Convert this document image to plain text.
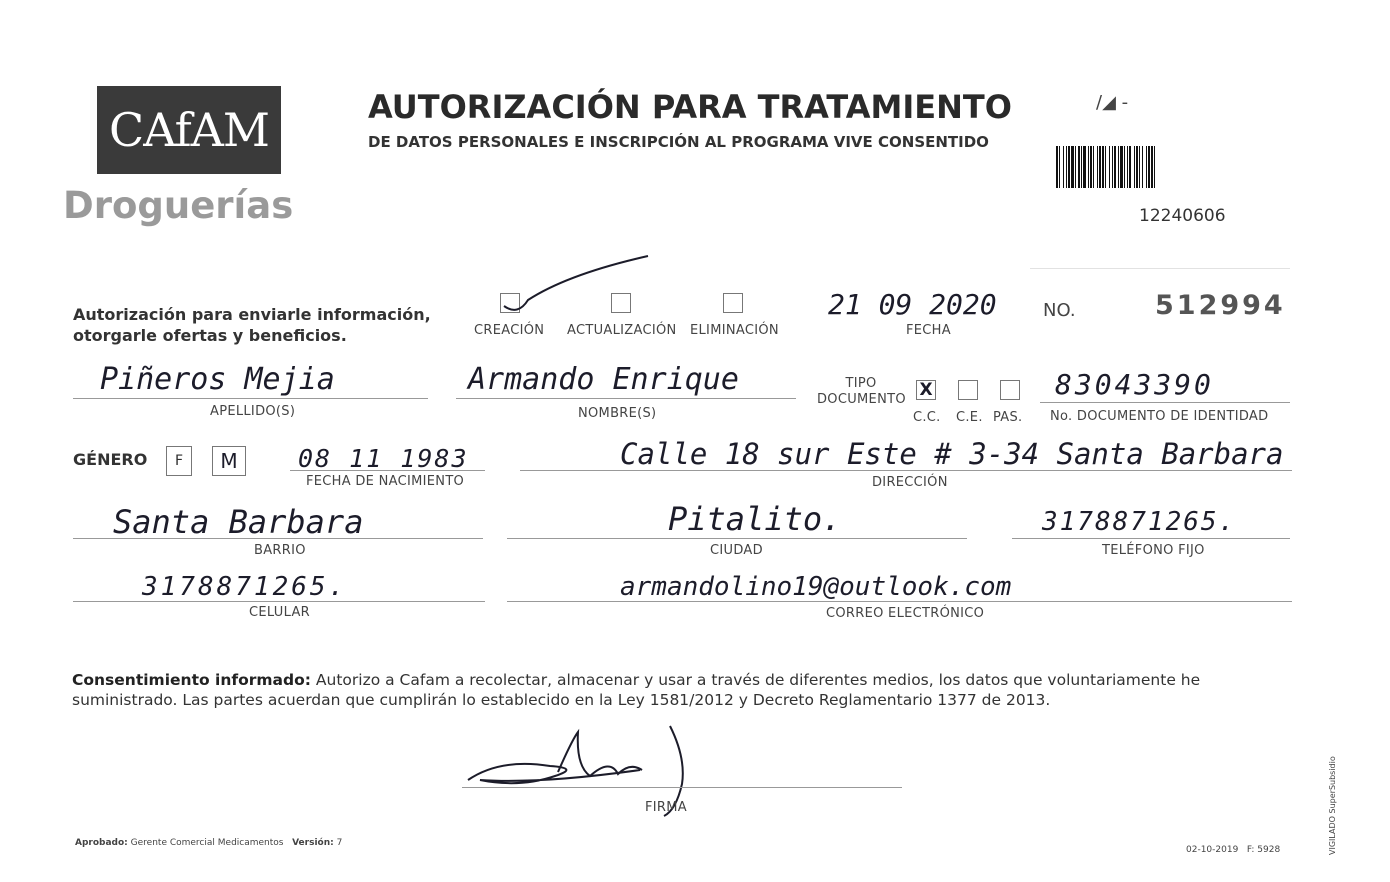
CAfAM
Droguerías
AUTORIZACIÓN PARA TRATAMIENTO
DE DATOS PERSONALES E INSCRIPCIÓN AL PROGRAMA VIVE CONSENTIDO
/◢ -
12240606
Autorización para enviarle información, otorgarle ofertas y beneficios.	CREACIÓN ACTUALIZACIÓN ELIMINACIÓN
21 09 2020
FECHA
NO.	512994
Piñeros Mejia
APELLIDO(S)
Armando Enrique
NOMBRE(S)
TIPO DOCUMENTO X
C.C. C.E. PAS.
83043390
No. DOCUMENTO DE IDENTIDAD
GÉNERO F M 08 11 1983
FECHA DE NACIMIENTO
Calle 18 sur Este # 3-34 Santa Barbara
DIRECCIÓN
Santa Barbara
BARRIO
Pitalito.
CIUDAD
3178871265.
TELÉFONO FIJO
3178871265.
CELULAR
armandolino19@outlook.com
CORREO ELECTRÓNICO
Consentimiento informado: Autorizo a Cafam a recolectar, almacenar y usar a través de diferentes medios, los datos que voluntariamente he suministrado. Las partes acuerdan que cumplirán lo establecido en la Ley 1581/2012 y Decreto Reglamentario 1377 de 2013.
FIRMA
Aprobado: Gerente Comercial Medicamentos Versión: 7
02-10-2019 F: 5928	VIGILADO SuperSubsidio
